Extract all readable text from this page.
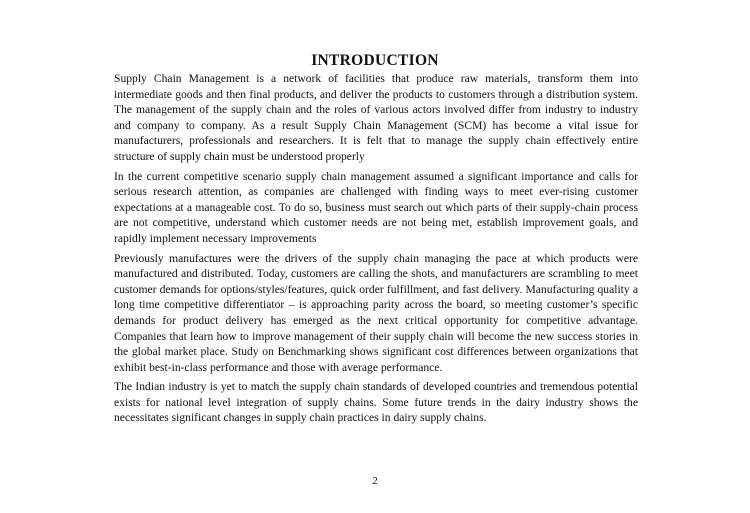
INTRODUCTION

Supply Chain Management is a network of facilities that produce raw materials, transform them into intermediate goods and then final products, and deliver the products to customers through a distribution system. The management of the supply chain and the roles of various actors involved differ from industry to industry and company to company. As a result Supply Chain Management (SCM) has become a vital issue for manufacturers, professionals and researchers. It is felt that to manage the supply chain effectively entire structure of supply chain must be understood properly

In the current competitive scenario supply chain management assumed a significant importance and calls for serious research attention, as companies are challenged with finding ways to meet ever-rising customer expectations at a manageable cost. To do so, business must search out which parts of their supply-chain process are not competitive, understand which customer needs are not being met, establish improvement goals, and rapidly implement necessary improvements

Previously manufactures were the drivers of the supply chain managing the pace at which products were manufactured and distributed. Today, customers are calling the shots, and manufacturers are scrambling to meet customer demands for options/styles/features, quick order fulfillment, and fast delivery. Manufacturing quality a long time competitive differentiator – is approaching parity across the board, so meeting customer’s specific demands for product delivery has emerged as the next critical opportunity for competitive advantage. Companies that learn how to improve management of their supply chain will become the new success stories in the global market place. Study on Benchmarking shows significant cost differences between organizations that exhibit best-in-class performance and those with average performance.

The Indian industry is yet to match the supply chain standards of developed countries and tremendous potential exists for national level integration of supply chains. Some future trends in the dairy industry shows the necessitates significant changes in supply chain practices in dairy supply chains.

2
